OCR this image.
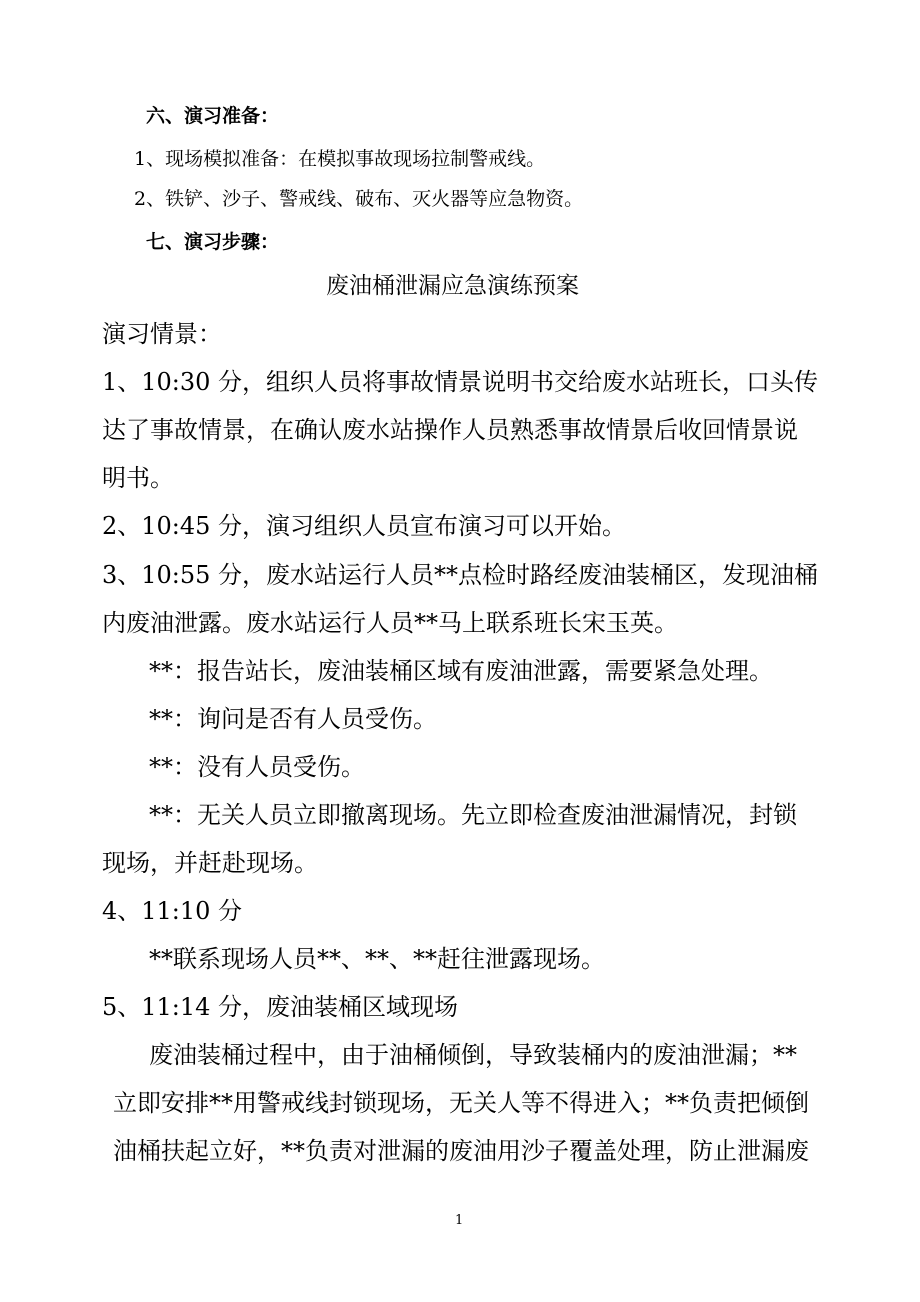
六、演习准备：

1、现场模拟准备：在模拟事故现场拉制警戒线。

2、铁铲、沙子、警戒线、破布、灭火器等应急物资。

七、演习步骤：

废油桶泄漏应急演练预案

演习情景：

1、10:30 分，组织人员将事故情景说明书交给废水站班长，口头传

达了事故情景，在确认废水站操作人员熟悉事故情景后收回情景说

明书。

2、10:45 分，演习组织人员宣布演习可以开始。

3、10:55 分，废水站运行人员**点检时路经废油装桶区，发现油桶

内废油泄露。废水站运行人员**马上联系班长宋玉英。

**：报告站长，废油装桶区域有废油泄露，需要紧急处理。

**：询问是否有人员受伤。

**：没有人员受伤。

**：无关人员立即撤离现场。先立即检查废油泄漏情况，封锁

现场，并赶赴现场。

4、11:10 分

**联系现场人员**、**、**赶往泄露现场。

5、11:14 分，废油装桶区域现场

废油装桶过程中，由于油桶倾倒，导致装桶内的废油泄漏；**

立即安排**用警戒线封锁现场，无关人等不得进入；**负责把倾倒

油桶扶起立好，**负责对泄漏的废油用沙子覆盖处理，防止泄漏废

1
